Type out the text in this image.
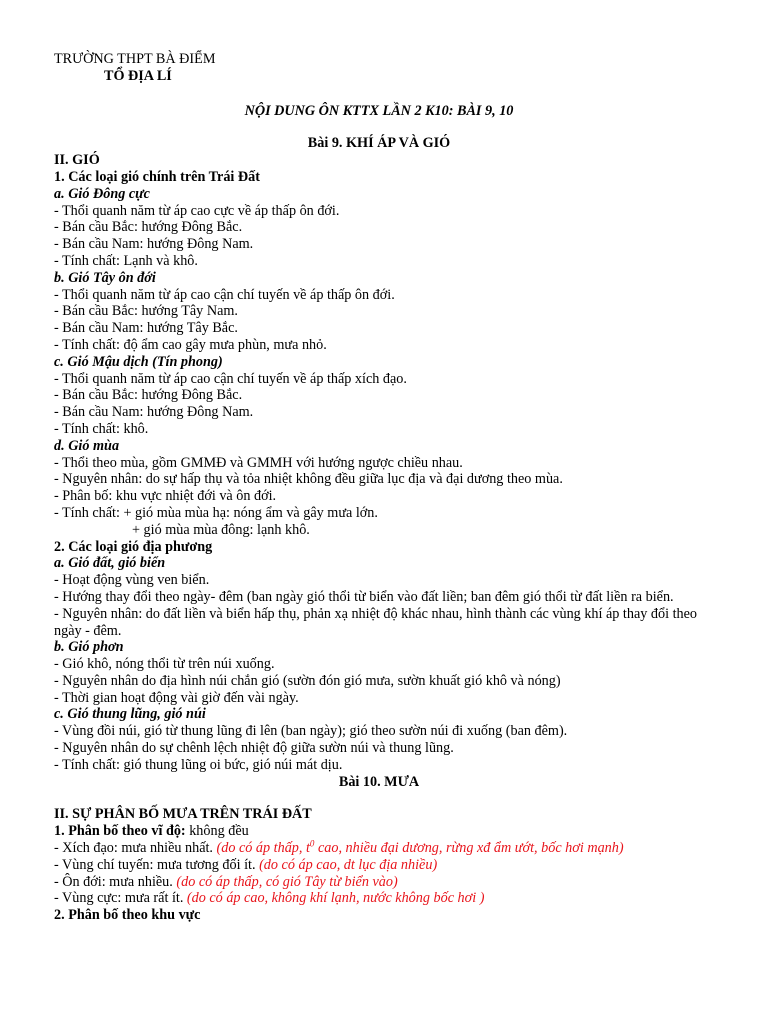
TRƯỜNG THPT BÀ ĐIỂM
TỔ ĐỊA LÍ
NỘI DUNG ÔN KTTX LẦN 2 K10: BÀI 9, 10
Bài 9. KHÍ ÁP VÀ GIÓ
II. GIÓ
1. Các loại gió chính trên Trái Đất
a. Gió Đông cực
- Thổi quanh năm từ áp cao cực về áp thấp ôn đới.
- Bán cầu Bắc: hướng Đông Bắc.
- Bán cầu Nam: hướng Đông Nam.
- Tính chất: Lạnh và khô.
b. Gió Tây ôn đới
- Thổi quanh năm từ áp cao cận chí tuyến về áp thấp ôn đới.
- Bán cầu Bắc: hướng Tây Nam.
- Bán cầu Nam: hướng Tây Bắc.
- Tính chất: độ ẩm cao gây mưa phùn, mưa nhỏ.
c. Gió Mậu dịch (Tín phong)
- Thổi quanh năm từ áp cao cận chí tuyến về áp thấp xích đạo.
- Bán cầu Bắc: hướng Đông Bắc.
- Bán cầu Nam: hướng Đông Nam.
- Tính chất: khô.
d. Gió mùa
- Thổi theo mùa, gồm GMMĐ và GMMH với hướng ngược chiều nhau.
- Nguyên nhân: do sự hấp thụ và tỏa nhiệt không đều giữa lục địa và đại dương theo mùa.
- Phân bố: khu vực nhiệt đới và ôn đới.
- Tính chất: + gió mùa mùa hạ: nóng ẩm và gây mưa lớn.
+ gió mùa mùa đông: lạnh khô.
2. Các loại gió địa phương
a. Gió đất, gió biển
- Hoạt động vùng ven biển.
- Hướng thay đổi theo ngày- đêm (ban ngày gió thổi từ biển vào đất liền; ban đêm gió thổi từ đất liền ra biển.
- Nguyên nhân: do đất liền và biển hấp thụ, phản xạ nhiệt độ khác nhau, hình thành các vùng khí áp thay đổi theo ngày - đêm.
b. Gió phơn
- Gió khô, nóng thổi từ trên núi xuống.
- Nguyên nhân do địa hình núi chắn gió (sườn đón gió mưa, sườn khuất gió khô và nóng)
- Thời gian hoạt động vài giờ đến vài ngày.
c. Gió thung lũng, gió núi
- Vùng đồi núi, gió từ thung lũng đi lên (ban ngày); gió theo sườn núi đi xuống (ban đêm).
- Nguyên nhân do sự chênh lệch nhiệt độ giữa sườn núi và thung lũng.
- Tính chất: gió thung lũng oi bức, gió núi mát dịu.
Bài 10. MƯA
II. SỰ PHÂN BỐ MƯA TRÊN TRÁI ĐẤT
1. Phân bố theo vĩ độ: không đều
- Xích đạo: mưa nhiều nhất. (do có áp thấp, $t^0$ cao, nhiều đại dương, rừng xđ ẩm ướt, bốc hơi mạnh)
- Vùng chí tuyến: mưa tương đối ít. (do có áp cao, dt lục địa nhiều)
- Ôn đới: mưa nhiều. (do có áp thấp, có gió Tây từ biển vào)
- Vùng cực: mưa rất ít. (do có áp cao, không khí lạnh, nước không bốc hơi )
2. Phân bố theo khu vực
